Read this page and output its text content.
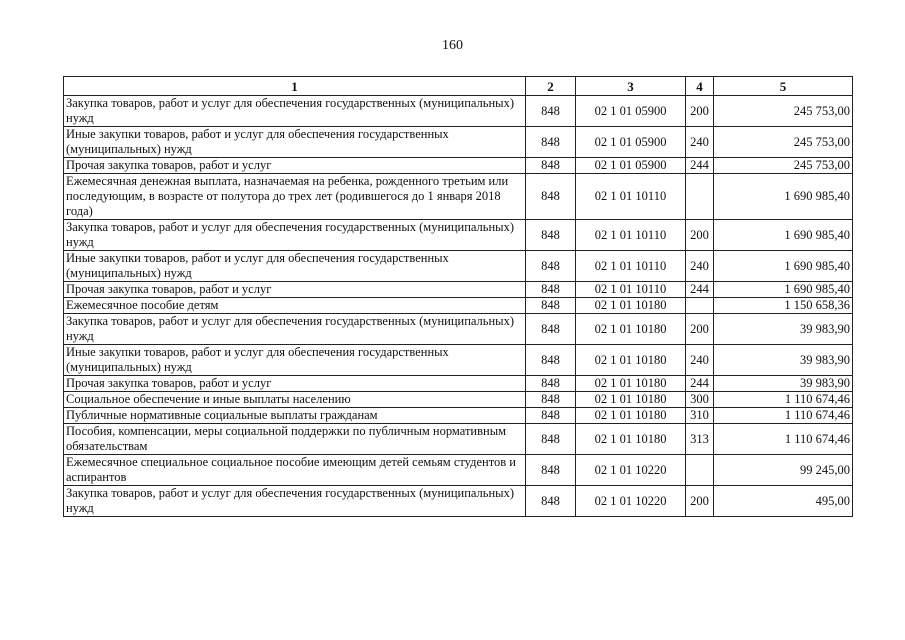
160
1	2	3	4	5
Закупка товаров, работ и услуг для обеспечения государственных (муниципальных) нужд	848	02 1 01 05900	200	245 753,00
Иные закупки товаров, работ и услуг для обеспечения государственных (муниципальных) нужд	848	02 1 01 05900	240	245 753,00
Прочая закупка товаров, работ и услуг	848	02 1 01 05900	244	245 753,00
Ежемесячная денежная выплата, назначаемая на ребенка, рожденного третьим или последующим, в возрасте от полутора до трех лет (родившегося до 1 января 2018 года)	848	02 1 01 10110		1 690 985,40
Закупка товаров, работ и услуг для обеспечения государственных (муниципальных) нужд	848	02 1 01 10110	200	1 690 985,40
Иные закупки товаров, работ и услуг для обеспечения государственных (муниципальных) нужд	848	02 1 01 10110	240	1 690 985,40
Прочая закупка товаров, работ и услуг	848	02 1 01 10110	244	1 690 985,40
Ежемесячное пособие детям	848	02 1 01 10180		1 150 658,36
Закупка товаров, работ и услуг для обеспечения государственных (муниципальных) нужд	848	02 1 01 10180	200	39 983,90
Иные закупки товаров, работ и услуг для обеспечения государственных (муниципальных) нужд	848	02 1 01 10180	240	39 983,90
Прочая закупка товаров, работ и услуг	848	02 1 01 10180	244	39 983,90
Социальное обеспечение и иные выплаты населению	848	02 1 01 10180	300	1 110 674,46
Публичные нормативные социальные выплаты гражданам	848	02 1 01 10180	310	1 110 674,46
Пособия, компенсации, меры социальной поддержки по публичным нормативным обязательствам	848	02 1 01 10180	313	1 110 674,46
Ежемесячное специальное социальное пособие имеющим детей семьям студентов и аспирантов	848	02 1 01 10220		99 245,00
Закупка товаров, работ и услуг для обеспечения государственных (муниципальных) нужд	848	02 1 01 10220	200	495,00
